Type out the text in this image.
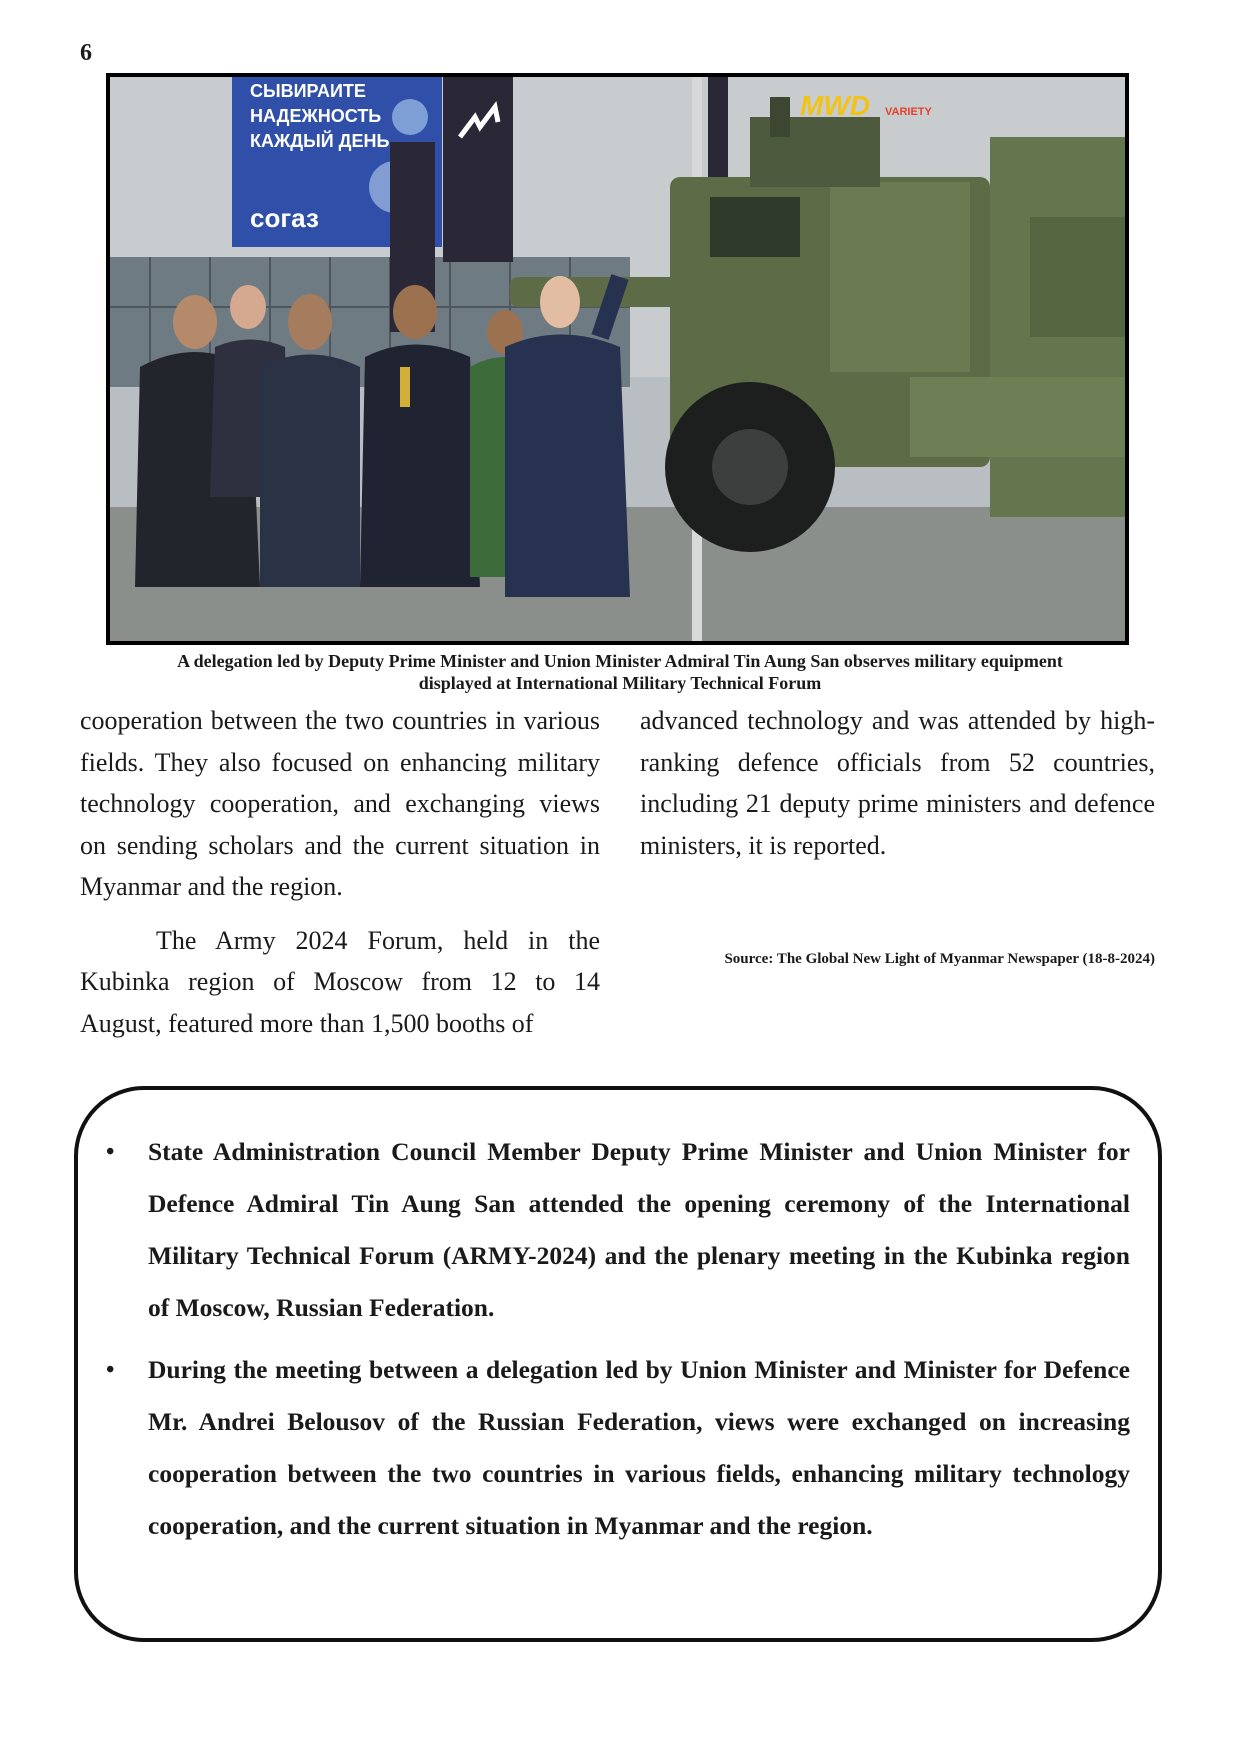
6
СЫВИРАИТЕ
НАДЕЖНОСТЬ
КАЖДЫЙ ДЕНЬ
согаз
MWD VARIETY
A delegation led by Deputy Prime Minister and Union Minister Admiral Tin Aung San observes military equipment
displayed at International Military Technical Forum

cooperation between the two countries in various fields. They also focused on enhancing military technology cooperation, and exchanging views on sending scholars and the current situation in Myanmar and the region.

The Army 2024 Forum, held in the Kubinka region of Moscow from 12 to 14 August, featured more than 1,500 booths of

advanced technology and was attended by high-ranking defence officials from 52 countries, including 21 deputy prime ministers and defence ministers, it is reported.

Source: The Global New Light of Myanmar Newspaper (18-8-2024)
• State Administration Council Member Deputy Prime Minister and Union Minister for Defence Admiral Tin Aung San attended the opening ceremony of the International Military Technical Forum (ARMY-2024) and the plenary meeting in the Kubinka region of Moscow, Russian Federation.
• During the meeting between a delegation led by Union Minister and Minister for Defence Mr. Andrei Belousov of the Russian Federation, views were exchanged on increasing cooperation between the two countries in various fields, enhancing military technology cooperation, and the current situation in Myanmar and the region.
